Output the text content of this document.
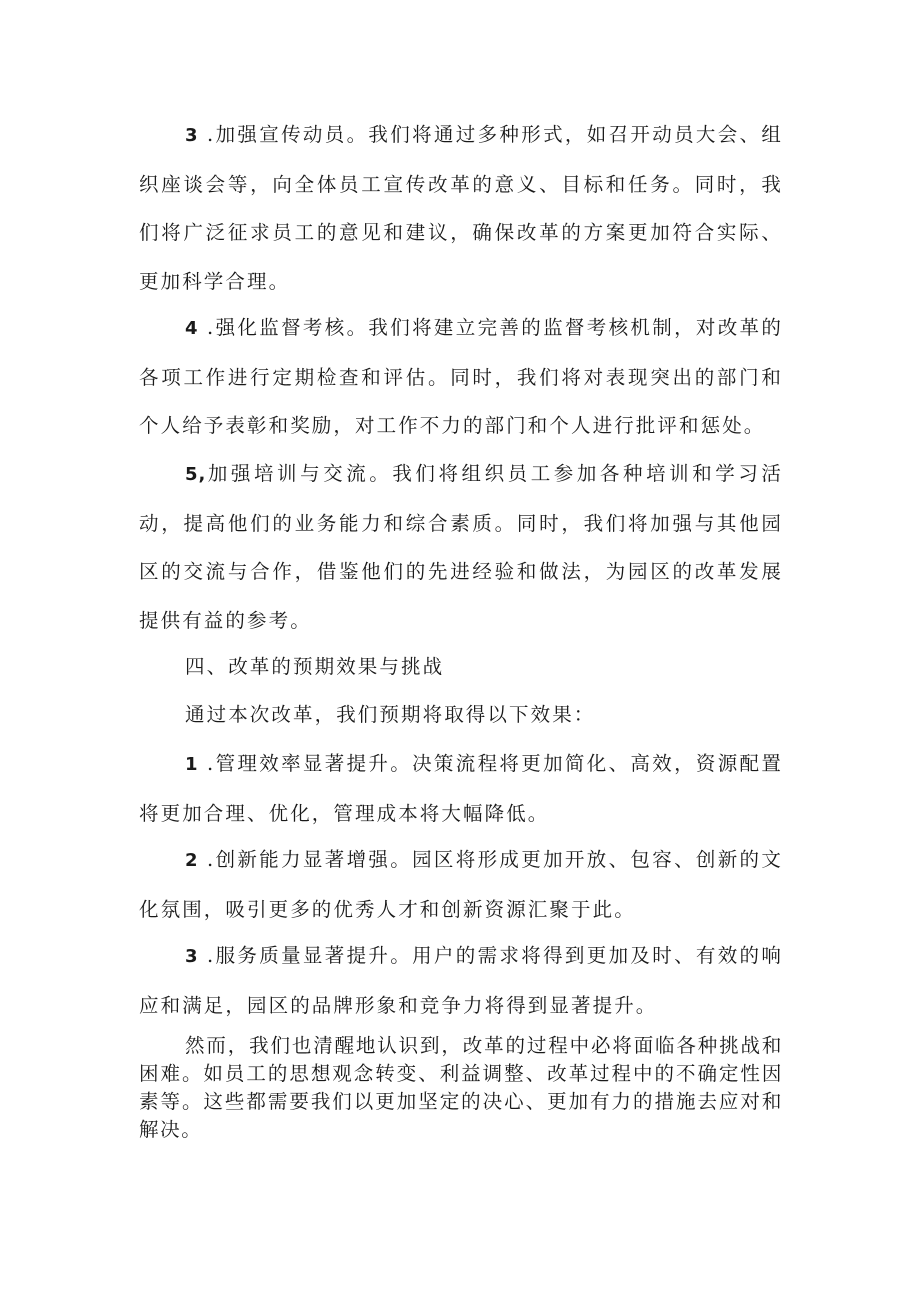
3 .加强宣传动员。我们将通过多种形式，如召开动员大会、组织座谈会等，向全体员工宣传改革的意义、目标和任务。同时，我们将广泛征求员工的意见和建议，确保改革的方案更加符合实际、更加科学合理。

4 .强化监督考核。我们将建立完善的监督考核机制，对改革的各项工作进行定期检查和评估。同时，我们将对表现突出的部门和个人给予表彰和奖励，对工作不力的部门和个人进行批评和惩处。

5,加强培训与交流。我们将组织员工参加各种培训和学习活动，提高他们的业务能力和综合素质。同时，我们将加强与其他园区的交流与合作，借鉴他们的先进经验和做法，为园区的改革发展提供有益的参考。

四、改革的预期效果与挑战

通过本次改革，我们预期将取得以下效果：

1 .管理效率显著提升。决策流程将更加简化、高效，资源配置将更加合理、优化，管理成本将大幅降低。

2 .创新能力显著增强。园区将形成更加开放、包容、创新的文化氛围，吸引更多的优秀人才和创新资源汇聚于此。

3 .服务质量显著提升。用户的需求将得到更加及时、有效的响应和满足，园区的品牌形象和竞争力将得到显著提升。

然而，我们也清醒地认识到，改革的过程中必将面临各种挑战和困难。如员工的思想观念转变、利益调整、改革过程中的不确定性因素等。这些都需要我们以更加坚定的决心、更加有力的措施去应对和解决。
